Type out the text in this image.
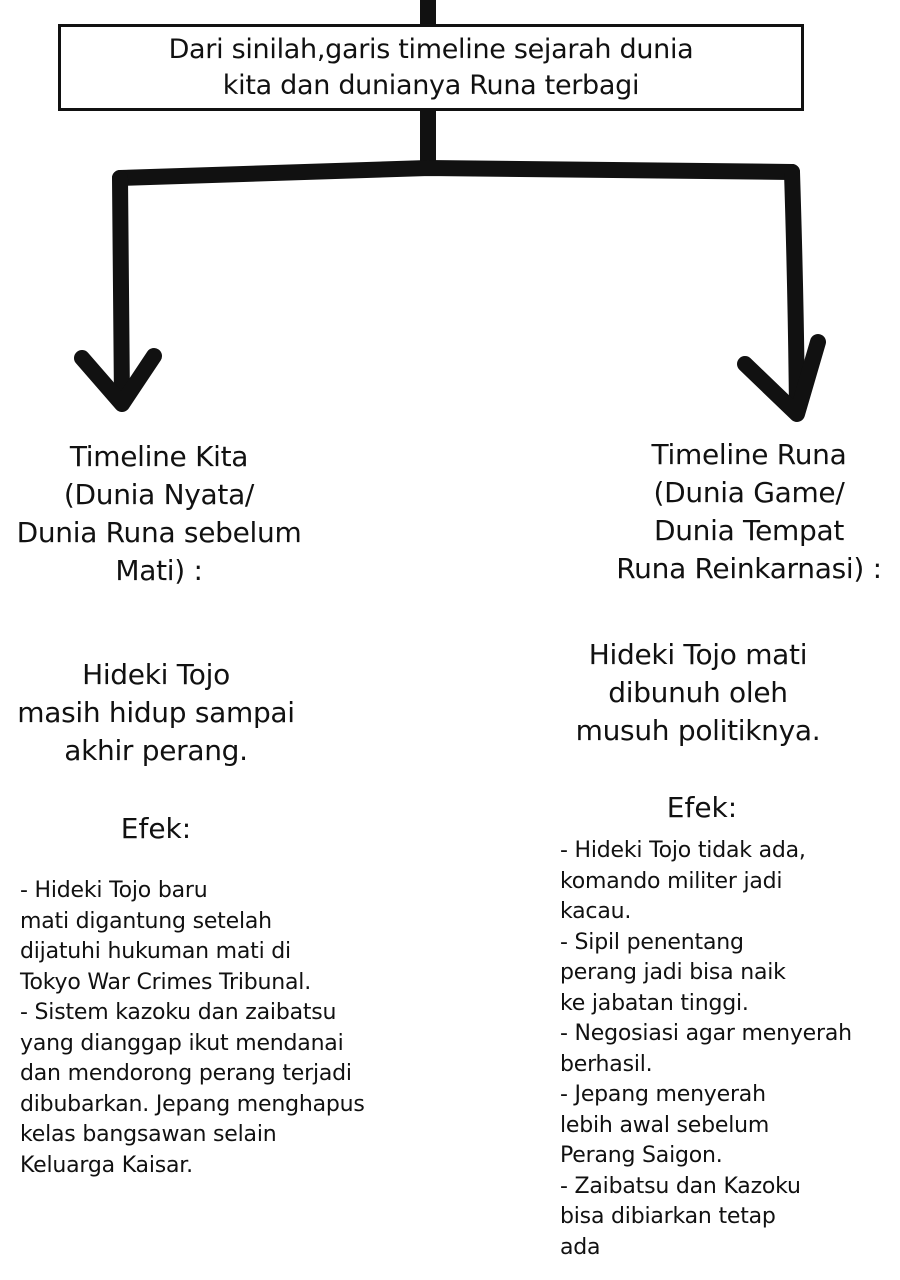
Dari sinilah,garis timeline sejarah dunia
kita dan dunianya Runa terbagi
Timeline Kita
(Dunia Nyata/
Dunia Runa sebelum
Mati) :
Hideki Tojo
masih hidup sampai
akhir perang.
Efek:
- Hideki Tojo baru
mati digantung setelah
dijatuhi hukuman mati di
Tokyo War Crimes Tribunal.
- Sistem kazoku dan zaibatsu
yang dianggap ikut mendanai
dan mendorong perang terjadi
dibubarkan. Jepang menghapus
kelas bangsawan selain
Keluarga Kaisar.
Timeline Runa
(Dunia Game/
Dunia Tempat
Runa Reinkarnasi) :
Hideki Tojo mati
dibunuh oleh
musuh politiknya.
Efek:
- Hideki Tojo tidak ada,
komando militer jadi
kacau.
- Sipil penentang
perang jadi bisa naik
ke jabatan tinggi.
- Negosiasi agar menyerah
berhasil.
- Jepang menyerah
lebih awal sebelum
Perang Saigon.
- Zaibatsu dan Kazoku
bisa dibiarkan tetap
ada
